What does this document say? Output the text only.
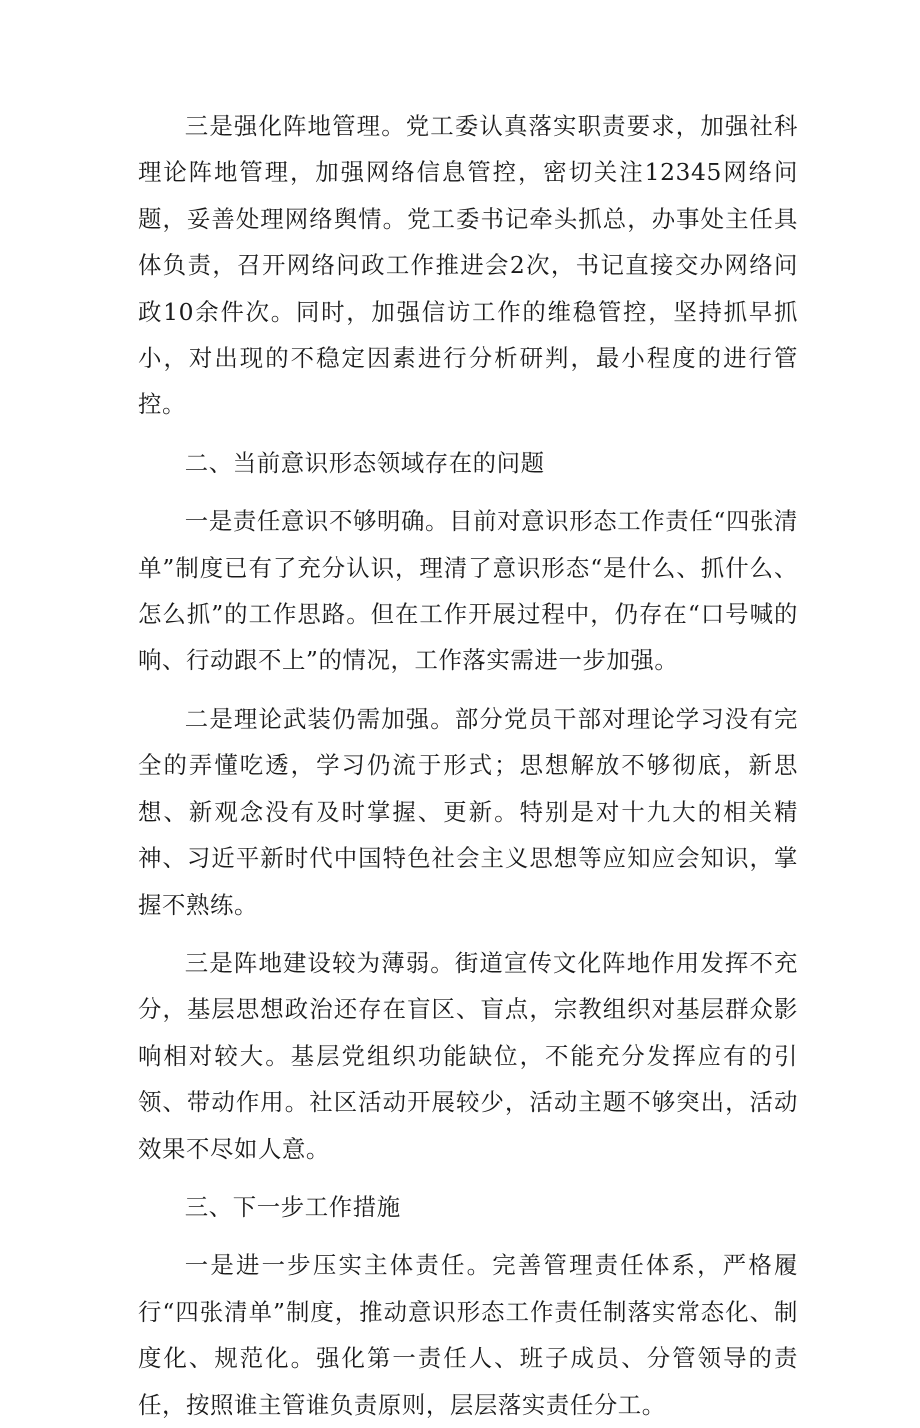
三是强化阵地管理。党工委认真落实职责要求，加强社科理论阵地管理，加强网络信息管控，密切关注12345网络问题，妥善处理网络舆情。党工委书记牵头抓总，办事处主任具体负责，召开网络问政工作推进会2次，书记直接交办网络问政10余件次。同时，加强信访工作的维稳管控，坚持抓早抓小，对出现的不稳定因素进行分析研判，最小程度的进行管控。

二、当前意识形态领域存在的问题

一是责任意识不够明确。目前对意识形态工作责任“四张清单”制度已有了充分认识，理清了意识形态“是什么、抓什么、怎么抓”的工作思路。但在工作开展过程中，仍存在“口号喊的响、行动跟不上”的情况，工作落实需进一步加强。

二是理论武装仍需加强。部分党员干部对理论学习没有完全的弄懂吃透，学习仍流于形式；思想解放不够彻底，新思想、新观念没有及时掌握、更新。特别是对十九大的相关精神、习近平新时代中国特色社会主义思想等应知应会知识，掌握不熟练。

三是阵地建设较为薄弱。街道宣传文化阵地作用发挥不充分，基层思想政治还存在盲区、盲点，宗教组织对基层群众影响相对较大。基层党组织功能缺位，不能充分发挥应有的引领、带动作用。社区活动开展较少，活动主题不够突出，活动效果不尽如人意。

三、下一步工作措施

一是进一步压实主体责任。完善管理责任体系，严格履行“四张清单”制度，推动意识形态工作责任制落实常态化、制度化、规范化。强化第一责任人、班子成员、分管领导的责任，按照谁主管谁负责原则，层层落实责任分工。
